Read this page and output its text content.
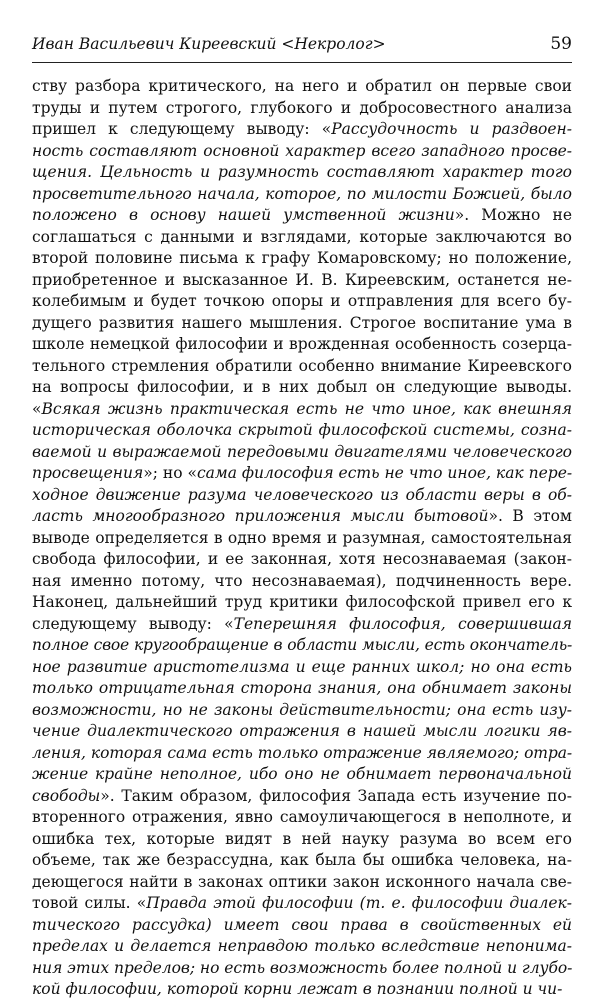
Иван Васильевич Киреевский <Некролог>	59
ству разбора критического, на него и обратил он первые свои
труды и путем строгого, глубокого и добросовестного анализа
пришел к следующему выводу: «Рассудочность и раздвоен-
ность составляют основной характер всего западного просве-
щения. Цельность и разумность составляют характер того
просветительного начала, которое, по милости Божией, было
положено в основу нашей умственной жизни». Можно не
соглашаться с данными и взглядами, которые заключаются во
второй половине письма к графу Комаровскому; но положение,
приобретенное и высказанное И. В. Киреевским, останется не-
колебимым и будет точкою опоры и отправления для всего бу-
дущего развития нашего мышления. Строгое воспитание ума в
школе немецкой философии и врожденная особенность созерца-
тельного стремления обратили особенно внимание Киреевского
на вопросы философии, и в них добыл он следующие выводы.
«Всякая жизнь практическая есть не что иное, как внешняя
историческая оболочка скрытой философской системы, созна-
ваемой и выражаемой передовыми двигателями человеческого
просвещения»; но «сама философия есть не что иное, как пере-
ходное движение разума человеческого из области веры в об-
ласть многообразного приложения мысли бытовой». В этом
выводе определяется в одно время и разумная, самостоятельная
свобода философии, и ее законная, хотя несознаваемая (закон-
ная именно потому, что несознаваемая), подчиненность вере.
Наконец, дальнейший труд критики философской привел его к
следующему выводу: «Теперешняя философия, совершившая
полное свое кругообращение в области мысли, есть окончатель-
ное развитие аристотелизма и еще ранних школ; но она есть
только отрицательная сторона знания, она обнимает законы
возможности, но не законы действительности; она есть изу-
чение диалектического отражения в нашей мысли логики яв-
ления, которая сама есть только отражение являемого; отра-
жение крайне неполное, ибо оно не обнимает первоначальной
свободы». Таким образом, философия Запада есть изучение по-
вторенного отражения, явно самоуличающегося в неполноте, и
ошибка тех, которые видят в ней науку разума во всем его
объеме, так же безрассудна, как была бы ошибка человека, на-
деющегося найти в законах оптики закон исконного начала све-
товой силы. «Правда этой философии (т. е. философии диалек-
тического рассудка) имеет свои права в свойственных ей
пределах и делается неправдою только вследствие непонима-
ния этих пределов; но есть возможность более полной и глубо-
кой философии, которой корни лежат в познании полной и чи-
